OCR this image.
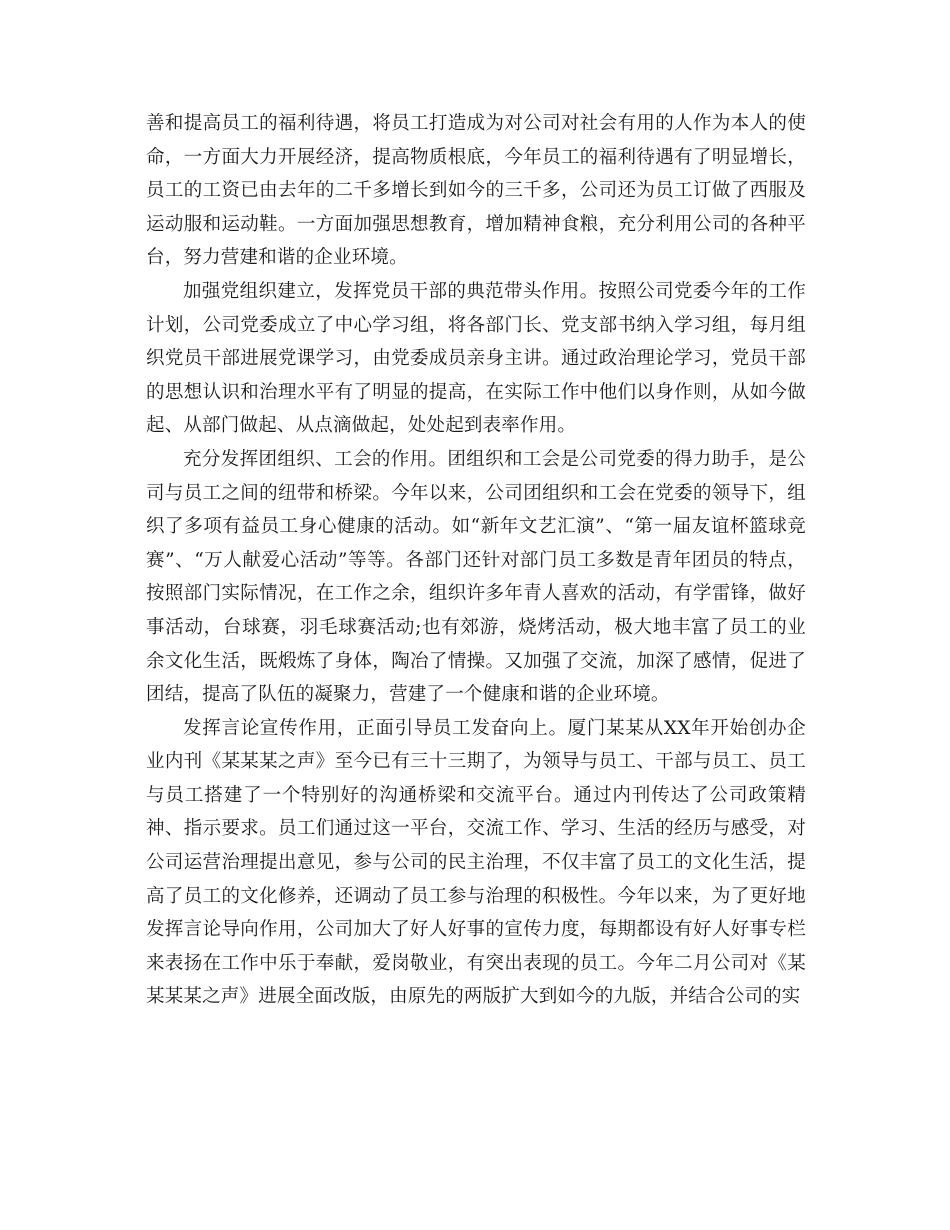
善和提高员工的福利待遇，将员工打造成为对公司对社会有用的人作为本人的使命，一方面大力开展经济，提高物质根底，今年员工的福利待遇有了明显增长，员工的工资已由去年的二千多增长到如今的三千多，公司还为员工订做了西服及运动服和运动鞋。一方面加强思想教育，增加精神食粮，充分利用公司的各种平台，努力营建和谐的企业环境。

加强党组织建立，发挥党员干部的典范带头作用。按照公司党委今年的工作计划，公司党委成立了中心学习组，将各部门长、党支部书纳入学习组，每月组织党员干部进展党课学习，由党委成员亲身主讲。通过政治理论学习，党员干部的思想认识和治理水平有了明显的提高，在实际工作中他们以身作则，从如今做起、从部门做起、从点滴做起，处处起到表率作用。

充分发挥团组织、工会的作用。团组织和工会是公司党委的得力助手，是公司与员工之间的纽带和桥梁。今年以来，公司团组织和工会在党委的领导下，组织了多项有益员工身心健康的活动。如“新年文艺汇演”、“第一届友谊杯篮球竞赛”、“万人献爱心活动”等等。各部门还针对部门员工多数是青年团员的特点，按照部门实际情况，在工作之余，组织许多年青人喜欢的活动，有学雷锋，做好事活动，台球赛，羽毛球赛活动;也有郊游，烧烤活动，极大地丰富了员工的业余文化生活，既煅炼了身体，陶冶了情操。又加强了交流，加深了感情，促进了团结，提高了队伍的凝聚力，营建了一个健康和谐的企业环境。

发挥言论宣传作用，正面引导员工发奋向上。厦门某某从XX年开始创办企业内刊《某某某之声》至今已有三十三期了，为领导与员工、干部与员工、员工与员工搭建了一个特别好的沟通桥梁和交流平台。通过内刊传达了公司政策精神、指示要求。员工们通过这一平台，交流工作、学习、生活的经历与感受，对公司运营治理提出意见，参与公司的民主治理，不仅丰富了员工的文化生活，提高了员工的文化修养，还调动了员工参与治理的积极性。今年以来，为了更好地发挥言论导向作用，公司加大了好人好事的宣传力度，每期都设有好人好事专栏来表扬在工作中乐于奉献，爱岗敬业，有突出表现的员工。今年二月公司对《某某某某之声》进展全面改版，由原先的两版扩大到如今的九版，并结合公司的实
